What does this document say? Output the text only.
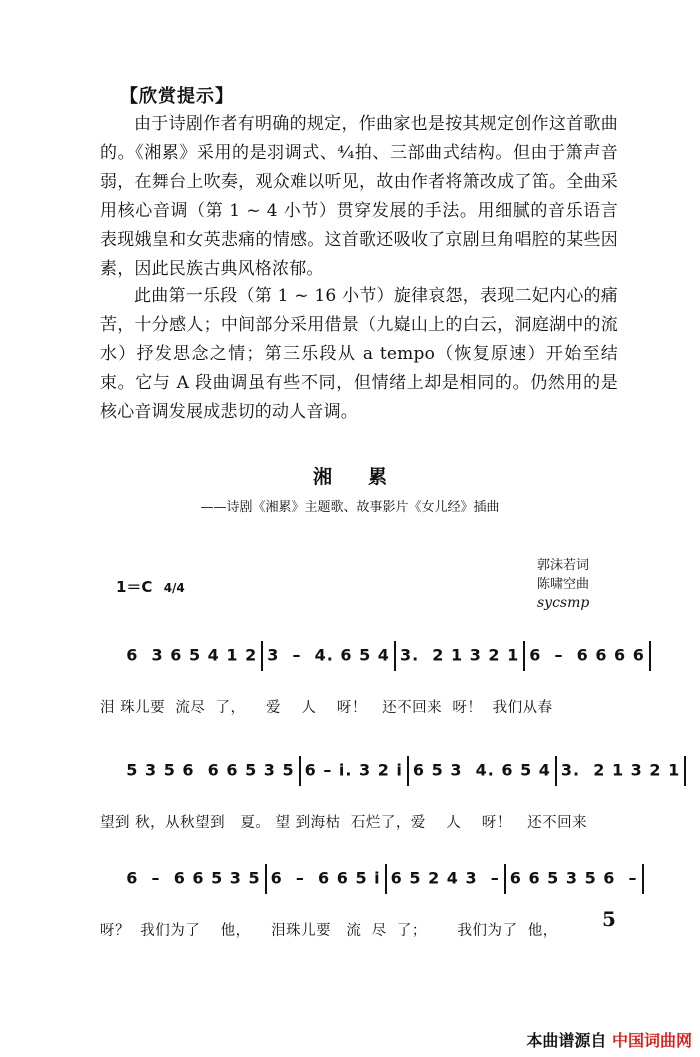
【欣赏提示】
由于诗剧作者有明确的规定，作曲家也是按其规定创作这首歌曲的。《湘累》采用的是羽调式、⁴⁄₄拍、三部曲式结构。但由于箫声音弱，在舞台上吹奏，观众难以听见，故由作者将箫改成了笛。全曲采用核心音调（第 1 ~ 4 小节）贯穿发展的手法。用细腻的音乐语言表现娥皇和女英悲痛的情感。这首歌还吸收了京剧旦角唱腔的某些因素，因此民族古典风格浓郁。
此曲第一乐段（第 1 ~ 16 小节）旋律哀怨，表现二妃内心的痛苦，十分感人；中间部分采用借景（九嶷山上的白云，洞庭湖中的流水）抒发思念之情；第三乐段从 a tempo（恢复原速）开始至结束。它与 A 段曲调虽有些不同，但情绪上却是相同的。仍然用的是核心音调发展成悲切的动人音调。
湘累
——诗剧《湘累》主题歌、故事影片《女儿经》插曲
郭沫若词
陈啸空曲
sycsmp
1＝C 4/4

6  3 6 5 4 1 2 3  –  4. 6 5 4 3.  2 1 3 2 1 6  –  6 6 6 6

泪 珠儿要  流尽  了，    爱    人    呀！   还不回来  呀！  我们从春

5 3 5 6  6 6 5 3 5 6 – i. 3 2 i 6 5 3  4. 6 5 4 3.  2 1 3 2 1

望到 秋，从秋望到   夏。 望 到海枯  石烂了，爱    人    呀！   还不回来

6  –  6 6 5 3 5 6  –  6 6 5 i 6 5 2 4 3  – 6 6 5 3 5 6  –

呀？  我们为了    他，    泪珠儿要   流  尽  了；      我们为了  他，	5
本曲谱源自 中国词曲网
